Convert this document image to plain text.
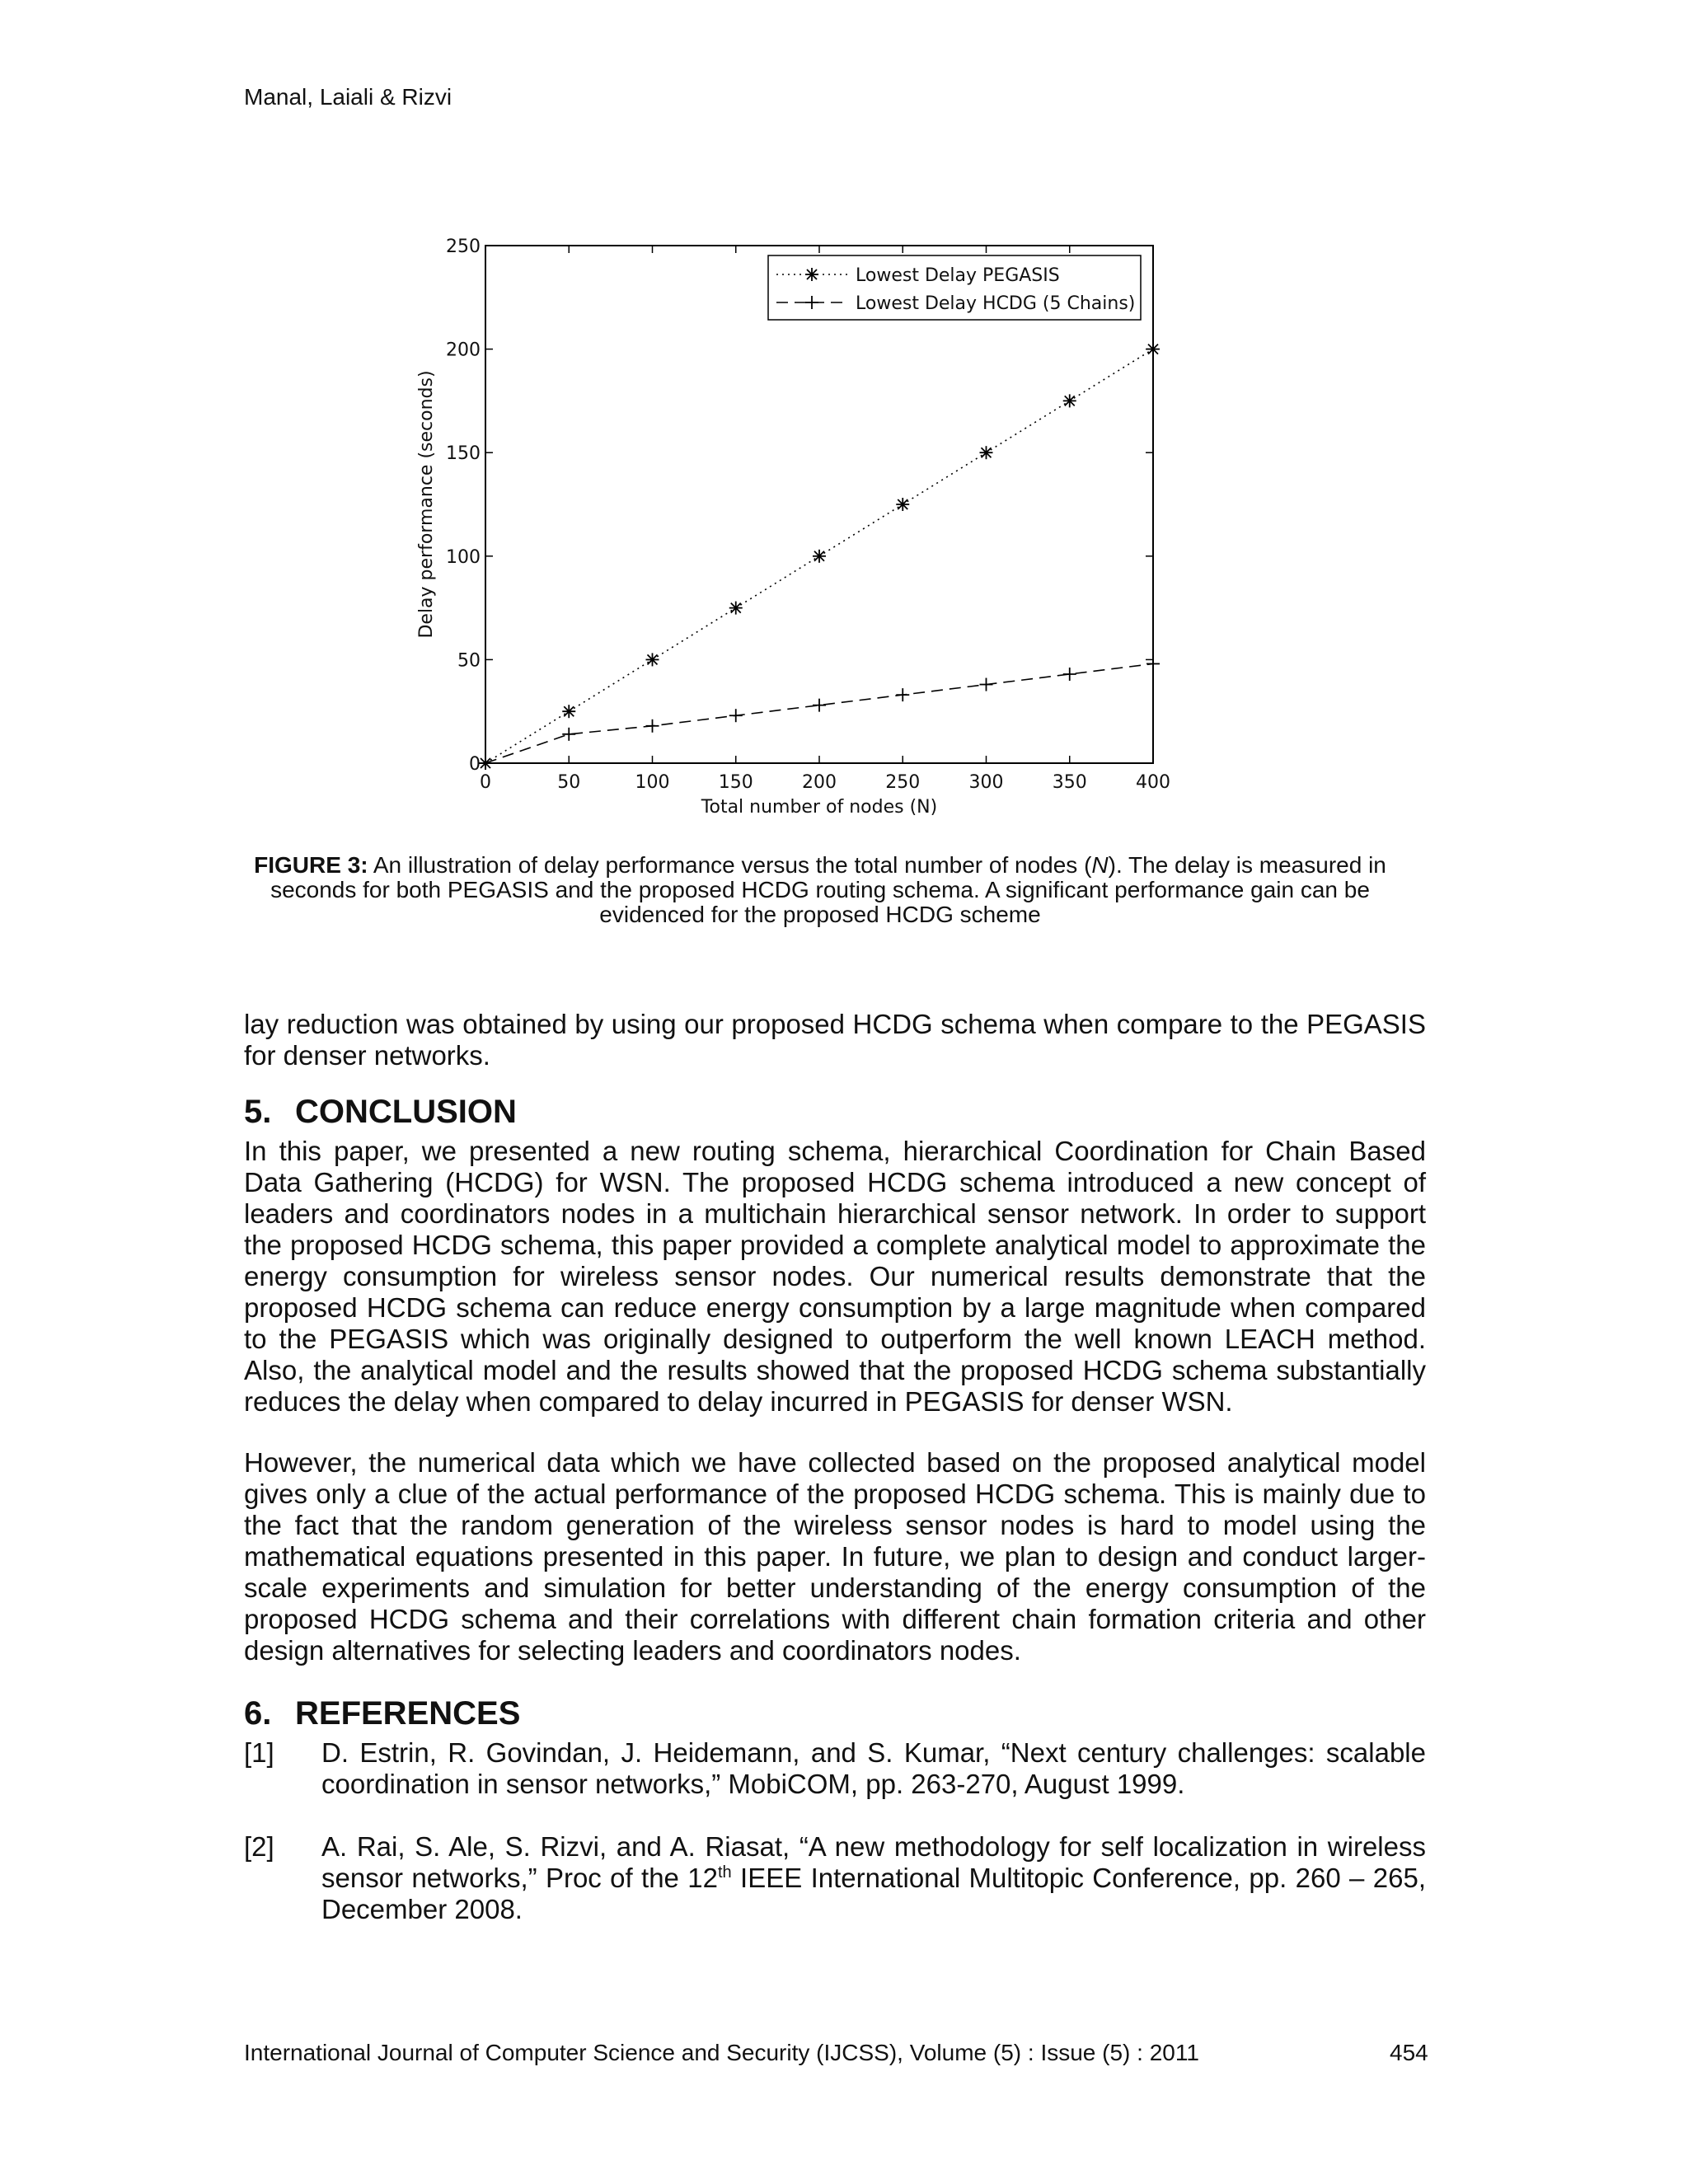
Manal, Laiali & Rizvi
0	50	100	150	200	250	300	350	400
0
50
100
150
200
250
Total number of nodes (N)
Delay performance (seconds)
Lowest Delay PEGASIS
Lowest Delay HCDG (5 Chains)
FIGURE 3: An illustration of delay performance versus the total number of nodes (N). The delay is measured in seconds for both PEGASIS and the proposed HCDG routing schema. A significant performance gain can be evidenced for the proposed HCDG scheme
lay reduction was obtained by using our proposed HCDG schema when compare to the PEGASIS for denser networks.
5. CONCLUSION
In this paper, we presented a new routing schema, hierarchical Coordination for Chain Based Data Gathering (HCDG) for WSN. The proposed HCDG schema introduced a new concept of leaders and coordinators nodes in a multichain hierarchical sensor network. In order to support the proposed HCDG schema, this paper provided a complete analytical model to approximate the energy consumption for wireless sensor nodes. Our numerical results demonstrate that the proposed HCDG schema can reduce energy consumption by a large magnitude when compared to the PEGASIS which was originally designed to outperform the well known LEACH method. Also, the analytical model and the results showed that the proposed HCDG schema substantially reduces the delay when compared to delay incurred in PEGASIS for denser WSN.
However, the numerical data which we have collected based on the proposed analytical model gives only a clue of the actual performance of the proposed HCDG schema. This is mainly due to the fact that the random generation of the wireless sensor nodes is hard to model using the mathematical equations presented in this paper. In future, we plan to design and conduct larger-scale experiments and simulation for better understanding of the energy consumption of the proposed HCDG schema and their correlations with different chain formation criteria and other design alternatives for selecting leaders and coordinators nodes.
6. REFERENCES
[1] D. Estrin, R. Govindan, J. Heidemann, and S. Kumar, “Next century challenges: scalable coordination in sensor networks,” MobiCOM, pp. 263-270, August 1999.
[2] A. Rai, S. Ale, S. Rizvi, and A. Riasat, “A new methodology for self localization in wireless sensor networks,” Proc of the 12th IEEE International Multitopic Conference, pp. 260 – 265, December 2008.
International Journal of Computer Science and Security (IJCSS), Volume (5) : Issue (5) : 2011	454
